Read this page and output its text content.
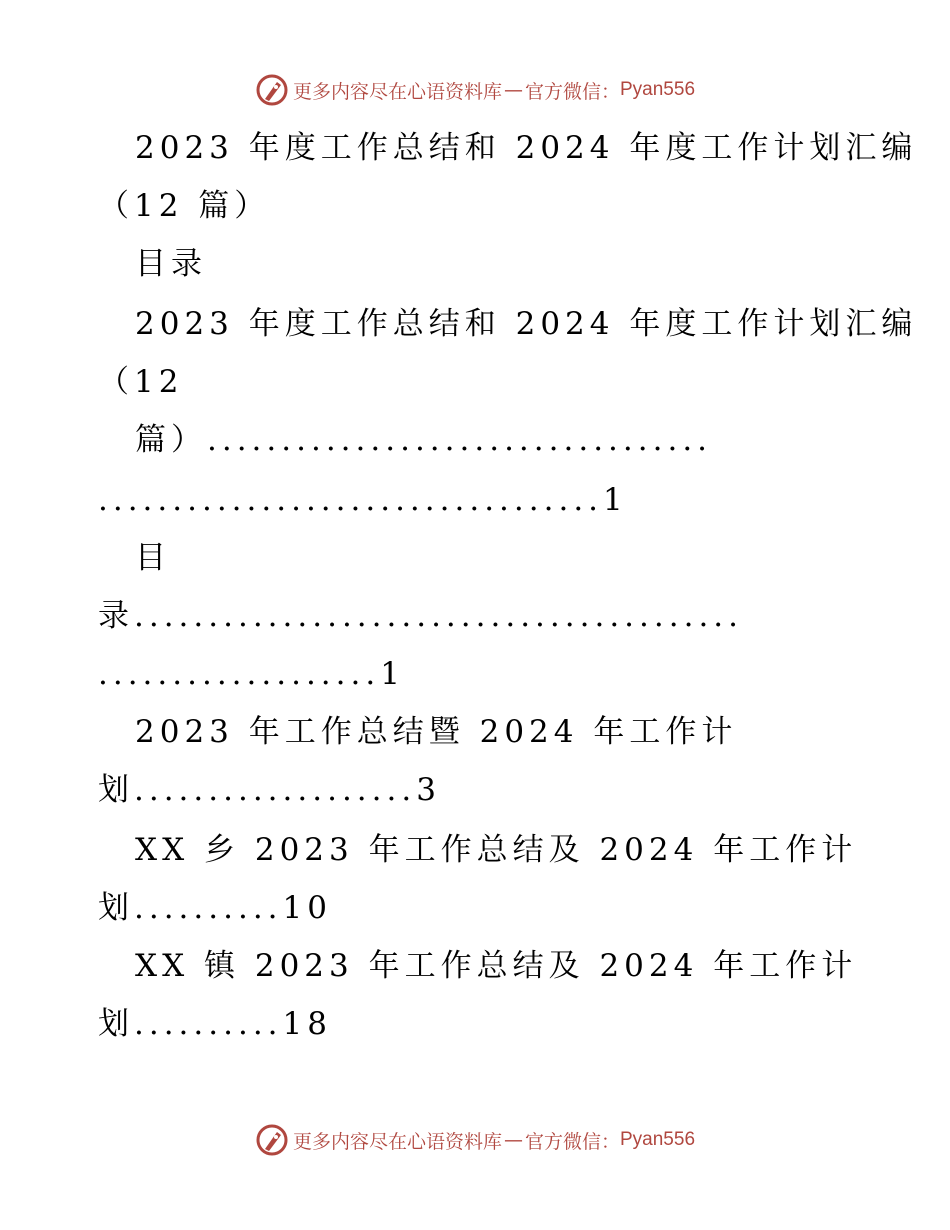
更多内容尽在心语资料库 — 官方微信： Pyan556
2023 年度工作总结和 2024 年度工作计划汇编
（12 篇）
目录
2023 年度工作总结和 2024 年度工作计划汇编
（12
篇）..................................
..................................1
目
录.........................................
...................1
2023 年工作总结暨 2024 年工作计
划...................3
XX 乡 2023 年工作总结及 2024 年工作计
划..........10
XX 镇 2023 年工作总结及 2024 年工作计
划..........18
更多内容尽在心语资料库 — 官方微信： Pyan556
